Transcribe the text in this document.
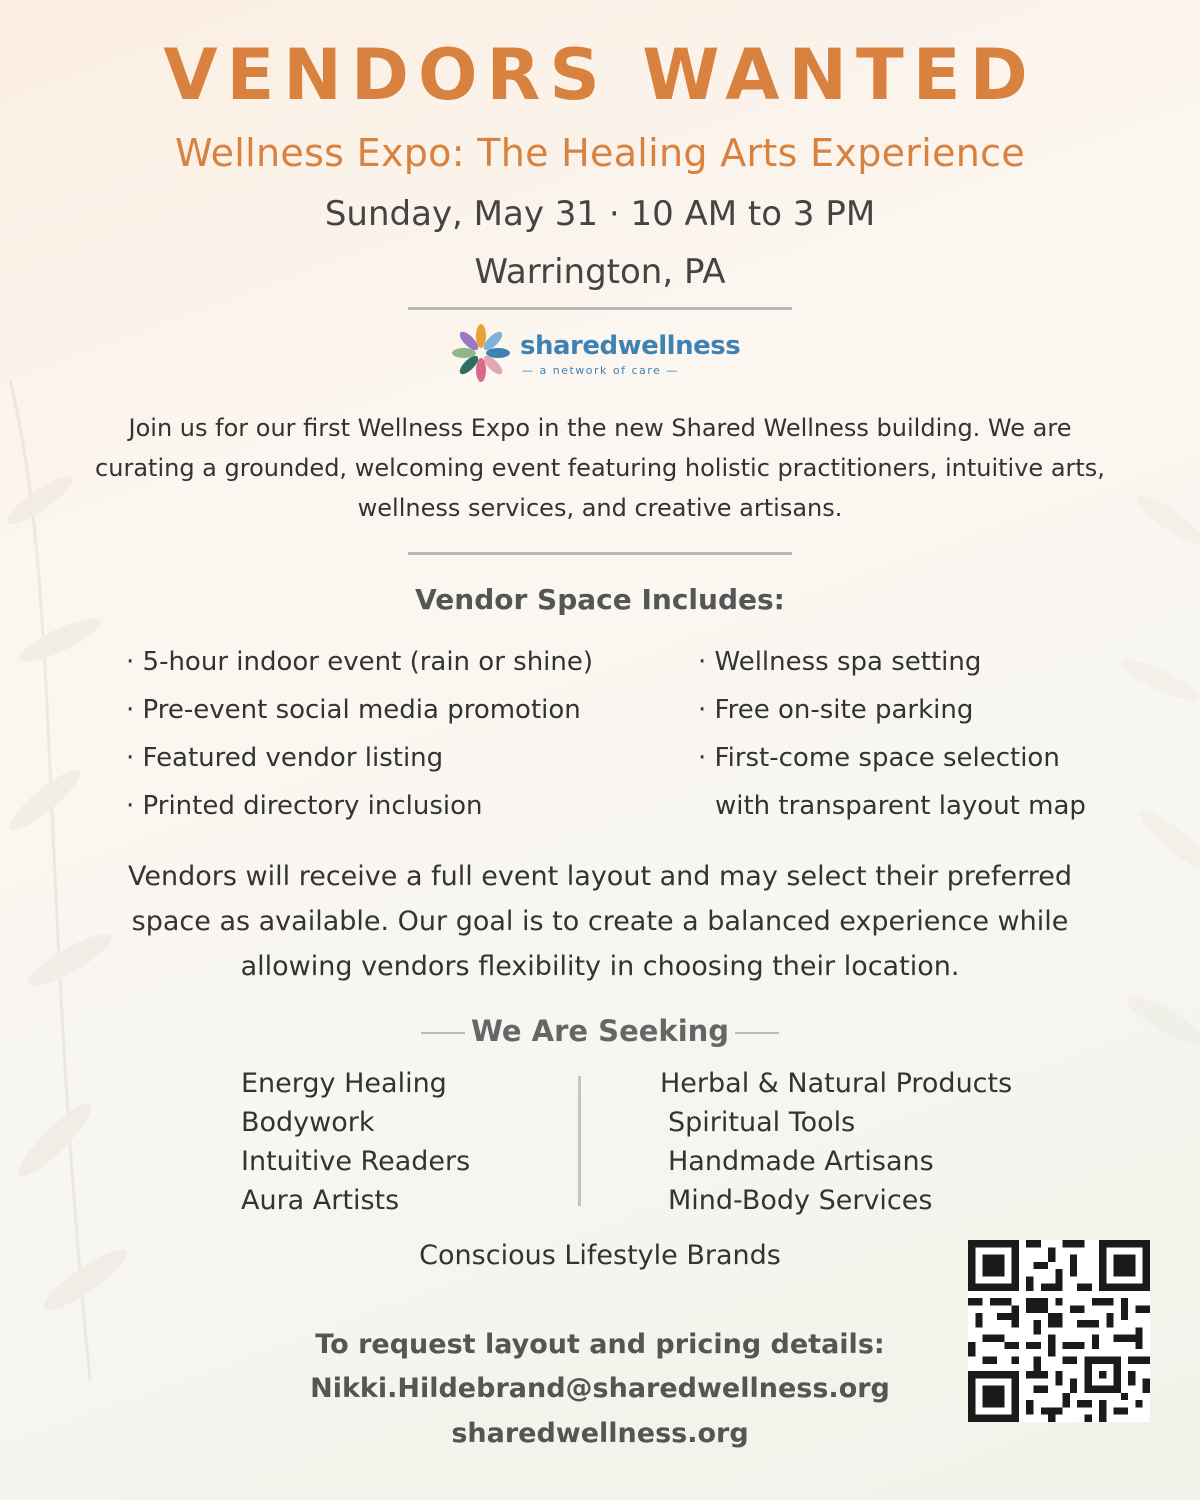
VENDORS WANTED
Wellness Expo: The Healing Arts Experience
Sunday, May 31 · 10 AM to 3 PM
Warrington, PA
sharedwellness
— a network of care —
Join us for our first Wellness Expo in the new Shared Wellness building. We are curating a grounded, welcoming event featuring holistic practitioners, intuitive arts, wellness services, and creative artisans.
Vendor Space Includes:
· 5-hour indoor event (rain or shine)
· Pre-event social media promotion
· Featured vendor listing
· Printed directory inclusion
· Wellness spa setting
· Free on-site parking
· First-come space selection
with transparent layout map
Vendors will receive a full event layout and may select their preferred space as available. Our goal is to create a balanced experience while allowing vendors flexibility in choosing their location.
We Are Seeking
Energy Healing
Bodywork
Intuitive Readers
Aura Artists
Herbal & Natural Products
Spiritual Tools
Handmade Artisans
Mind-Body Services
Conscious Lifestyle Brands
To request layout and pricing details:
Nikki.Hildebrand@sharedwellness.org
sharedwellness.org
